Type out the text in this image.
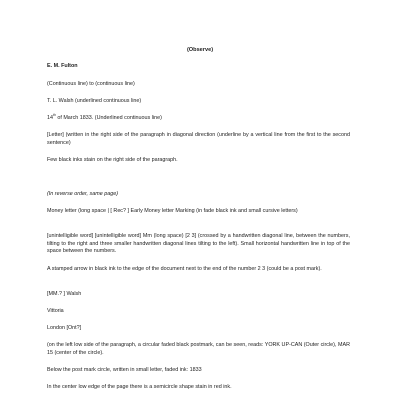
(Observe)

E. M. Fulton

(Continuous line) to (continuous line)

T. L. Walsh (underlined continuous line)

14th of March 1833. (Underlined continuous line)

[Letter] (written in the right side of the paragraph in diagonal direction (underline by a vertical line from the first to the second sentence)

Few black inks stain on the right side of the paragraph.

(In reverse order, same page)

Money letter (long space | [ Rec? ] Early Money letter Marking (in fade black ink and small cursive letters)

[unintelligible word] [unintelligible word] Mm (long space) [2 3] (crossed by a handwritten diagonal line, between the numbers, tilting to the right and three smaller handwritten diagonal lines tilting to the left). Small horizontal handwritten line in top of the space between the numbers.

A stamped arrow in black ink to the edge of the document next to the end of the number 2 3 (could be a post mark).

[MM.? ] Walsh

Vittoria

London [Ont?]

(on the left low side of the paragraph, a circular faded black postmark, can be seen, reads: YORK UP-CAN (Outer circle), MAR 15 (center of the circle).

Below the post mark circle, written in small letter, faded ink: 1833

In the center low edge of the page there is a semicircle shape stain in red ink.
